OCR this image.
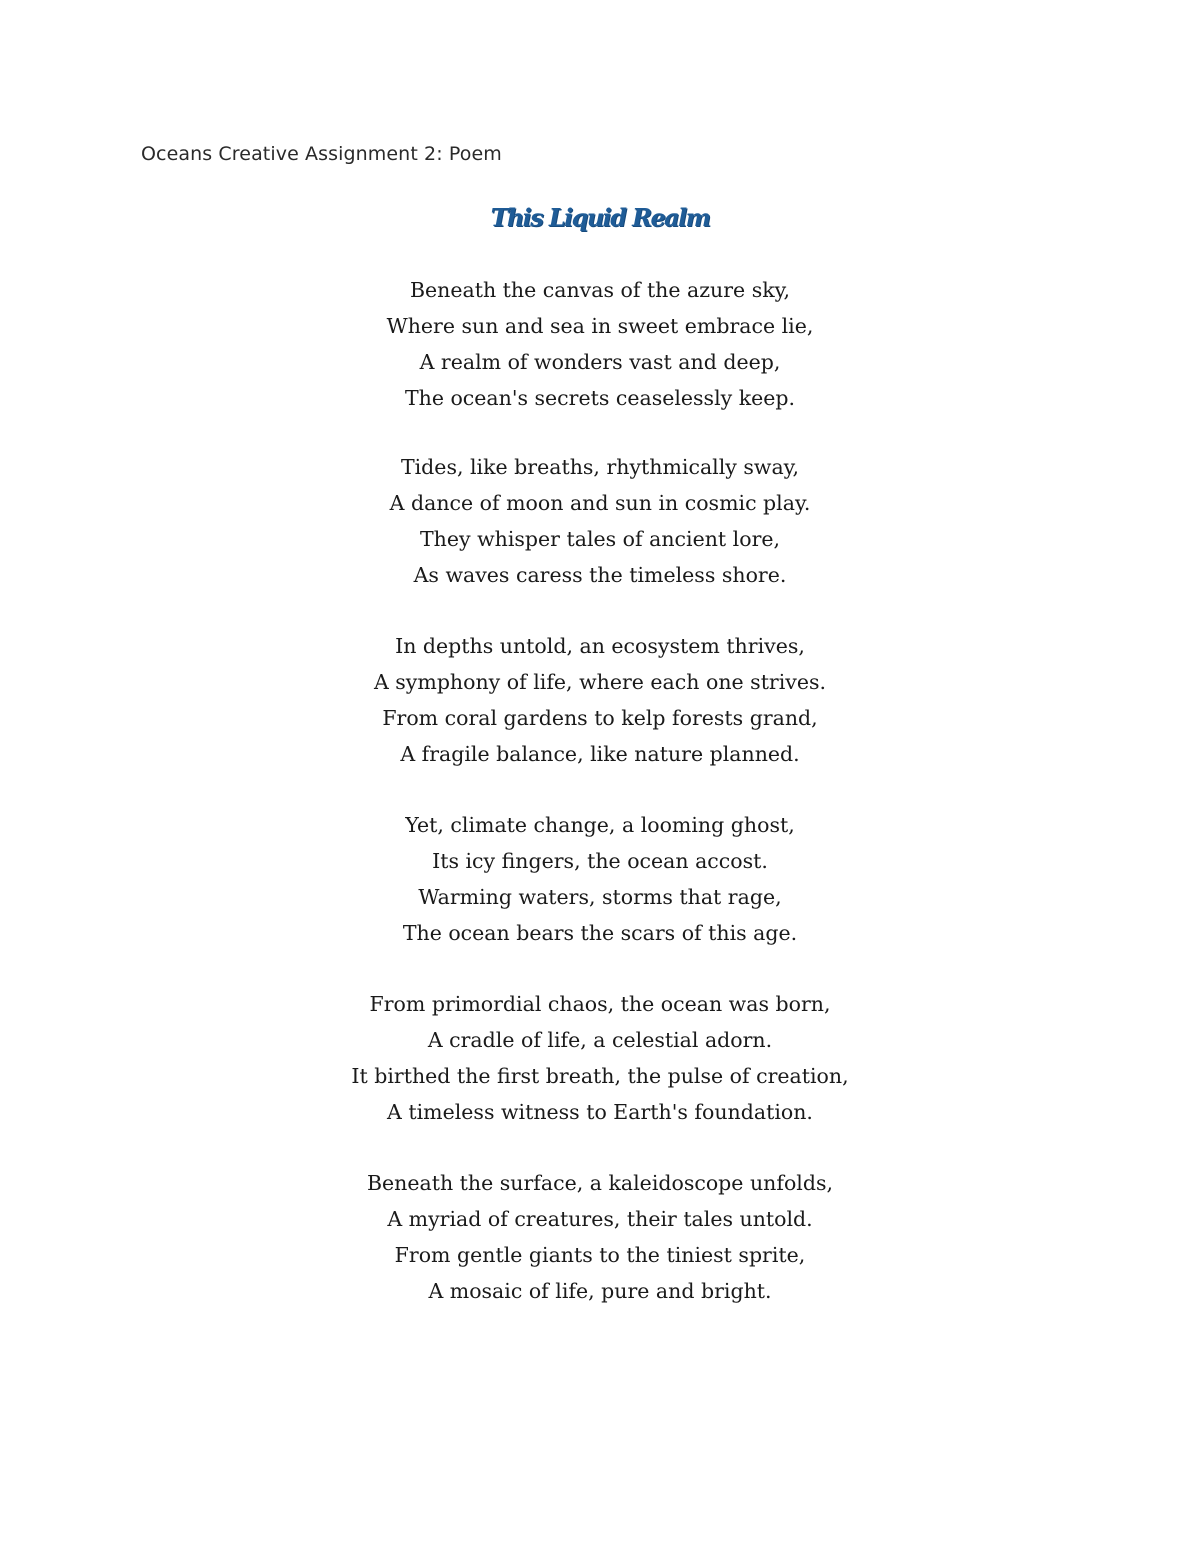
Oceans Creative Assignment 2: Poem
This Liquid Realm
Beneath the canvas of the azure sky,
Where sun and sea in sweet embrace lie,
A realm of wonders vast and deep,
The ocean's secrets ceaselessly keep.
Tides, like breaths, rhythmically sway,
A dance of moon and sun in cosmic play.
They whisper tales of ancient lore,
As waves caress the timeless shore.
In depths untold, an ecosystem thrives,
A symphony of life, where each one strives.
From coral gardens to kelp forests grand,
A fragile balance, like nature planned.
Yet, climate change, a looming ghost,
Its icy fingers, the ocean accost.
Warming waters, storms that rage,
The ocean bears the scars of this age.
From primordial chaos, the ocean was born,
A cradle of life, a celestial adorn.
It birthed the first breath, the pulse of creation,
A timeless witness to Earth's foundation.
Beneath the surface, a kaleidoscope unfolds,
A myriad of creatures, their tales untold.
From gentle giants to the tiniest sprite,
A mosaic of life, pure and bright.
